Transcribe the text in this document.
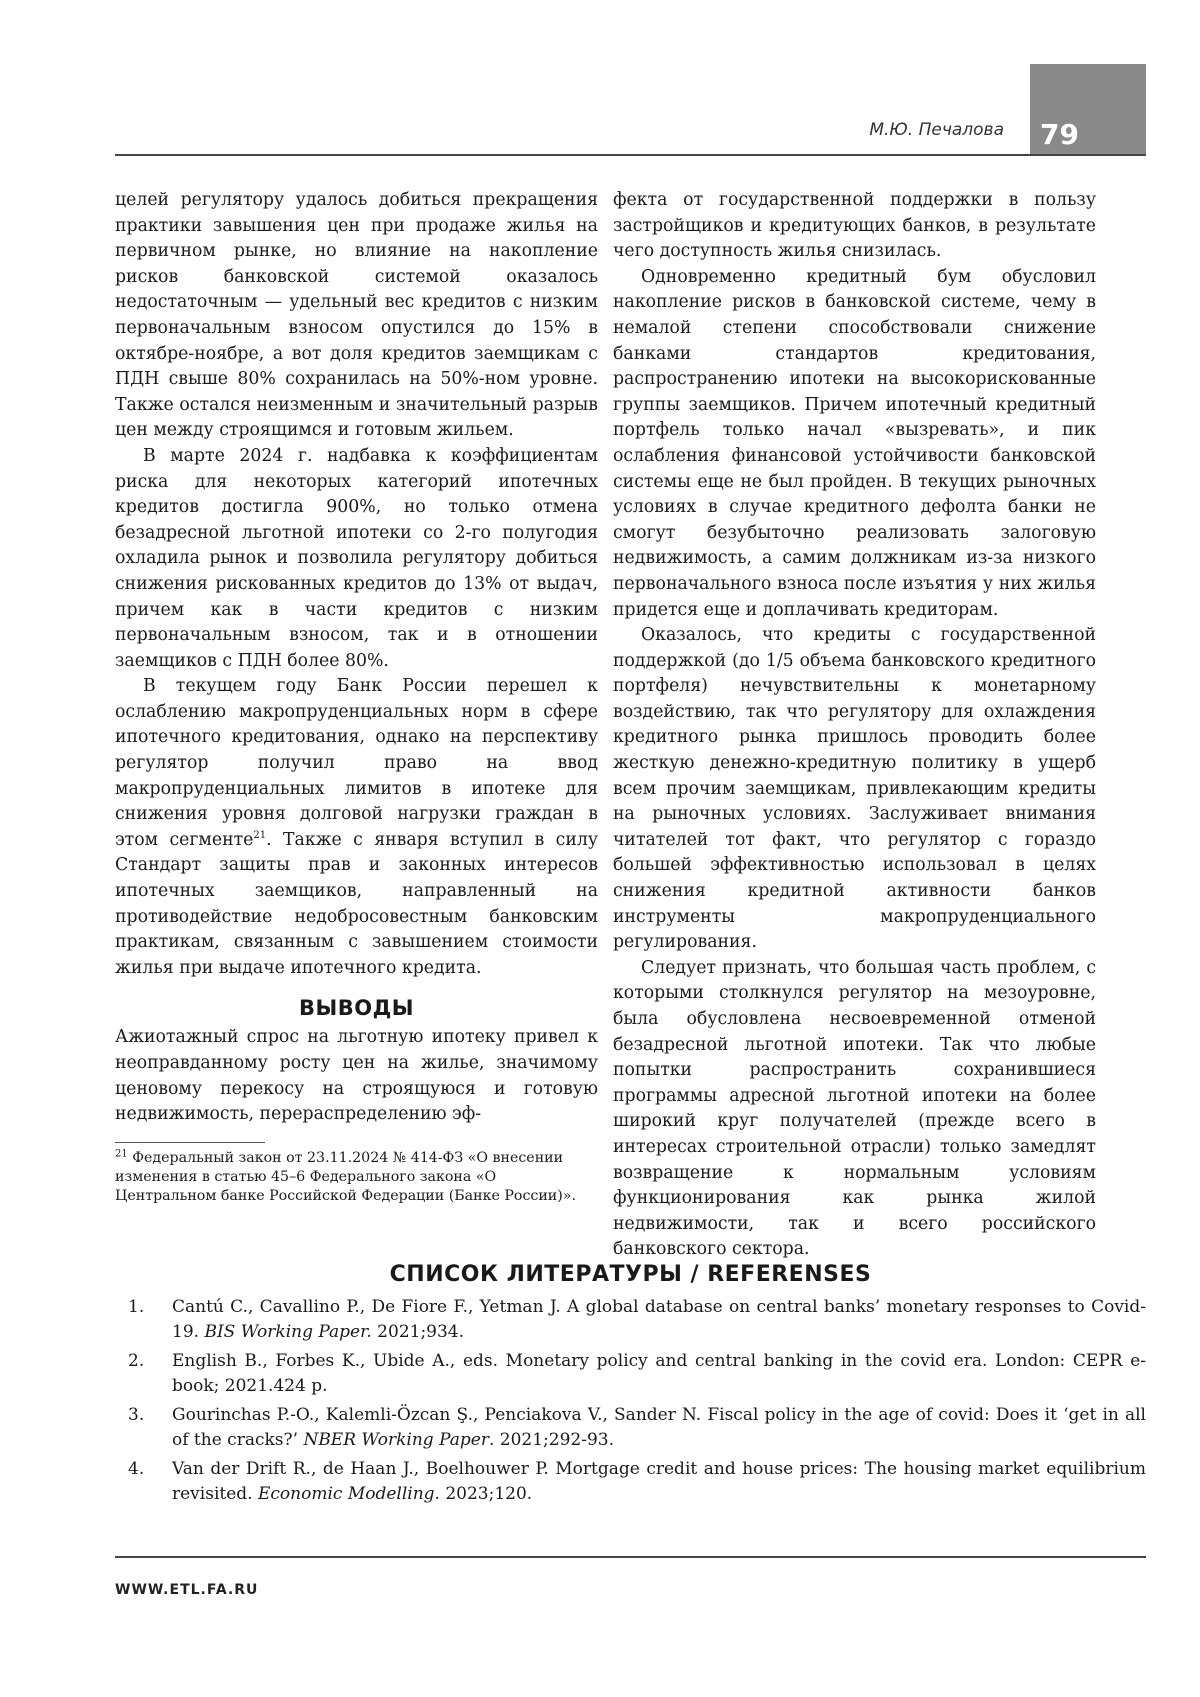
79
М.Ю. Печалова

целей регулятору удалось добиться прекращения практики завышения цен при продаже жилья на первичном рынке, но влияние на накопление рисков банковской системой оказалось недостаточным — удельный вес кредитов с низким первоначальным взносом опустился до 15% в октябре-ноябре, а вот доля кредитов заемщикам с ПДН свыше 80% сохранилась на 50%-ном уровне. Также остался неизменным и значительный разрыв цен между строящимся и готовым жильем.

В марте 2024 г. надбавка к коэффициентам риска для некоторых категорий ипотечных кредитов достигла 900%, но только отмена безадресной льготной ипотеки со 2-го полугодия охладила рынок и позволила регулятору добиться снижения рискованных кредитов до 13% от выдач, причем как в части кредитов с низким первоначальным взносом, так и в отношении заемщиков с ПДН более 80%.

В текущем году Банк России перешел к ослаблению макропруденциальных норм в сфере ипотечного кредитования, однако на перспективу регулятор получил право на ввод макропруденциальных лимитов в ипотеке для снижения уровня долговой нагрузки граждан в этом сегменте$^{21}$. Также с января вступил в силу Стандарт защиты прав и законных интересов ипотечных заемщиков, направленный на противодействие недобросовестным банковским практикам, связанным с завышением стоимости жилья при выдаче ипотечного кредита.

ВЫВОДЫ

Ажиотажный спрос на льготную ипотеку привел к неоправданному росту цен на жилье, значимому ценовому перекосу на строящуюся и готовую недвижимость, перераспределению эф-

$^{21}$ Федеральный закон от 23.11.2024 № 414-ФЗ «О внесении изменения в статью 45–6 Федерального закона «О Центральном банке Российской Федерации (Банке России)».

фекта от государственной поддержки в пользу застройщиков и кредитующих банков, в результате чего доступность жилья снизилась.

Одновременно кредитный бум обусловил накопление рисков в банковской системе, чему в немалой степени способствовали снижение банками стандартов кредитования, распространению ипотеки на высокорискованные группы заемщиков. Причем ипотечный кредитный портфель только начал «вызревать», и пик ослабления финансовой устойчивости банковской системы еще не был пройден. В текущих рыночных условиях в случае кредитного дефолта банки не смогут безубыточно реализовать залоговую недвижимость, а самим должникам из-за низкого первоначального взноса после изъятия у них жилья придется еще и доплачивать кредиторам.

Оказалось, что кредиты с государственной поддержкой (до 1/5 объема банковского кредитного портфеля) нечувствительны к монетарному воздействию, так что регулятору для охлаждения кредитного рынка пришлось проводить более жесткую денежно-кредитную политику в ущерб всем прочим заемщикам, привлекающим кредиты на рыночных условиях. Заслуживает внимания читателей тот факт, что регулятор с гораздо большей эффективностью использовал в целях снижения кредитной активности банков инструменты макропруденциального регулирования.

Следует признать, что большая часть проблем, с которыми столкнулся регулятор на мезоуровне, была обусловлена несвоевременной отменой безадресной льготной ипотеки. Так что любые попытки распространить сохранившиеся программы адресной льготной ипотеки на более широкий круг получателей (прежде всего в интересах строительной отрасли) только замедлят возвращение к нормальным условиям функционирования как рынка жилой недвижимости, так и всего российского банковского сектора.

СПИСОК ЛИТЕРАТУРЫ / REFERENSES
1.	Cantú C., Cavallino P., De Fiore F., Yetman J. A global database on central banks’ monetary responses to Covid-19. BIS Working Paper. 2021;934.
2.	English B., Forbes K., Ubide A., eds. Monetary policy and central banking in the covid era. London: CEPR e-book; 2021.424 p.
3.	Gourinchas P.-O., Kalemli-Özcan Ş., Penciakova V., Sander N. Fiscal policy in the age of covid: Does it ‘get in all of the cracks?’ NBER Working Paper. 2021;292-93.
4.	Van der Drift R., de Haan J., Boelhouwer P. Mortgage credit and house prices: The housing market equilibrium revisited. Economic Modelling. 2023;120.
WWW.ETL.FA.RU
